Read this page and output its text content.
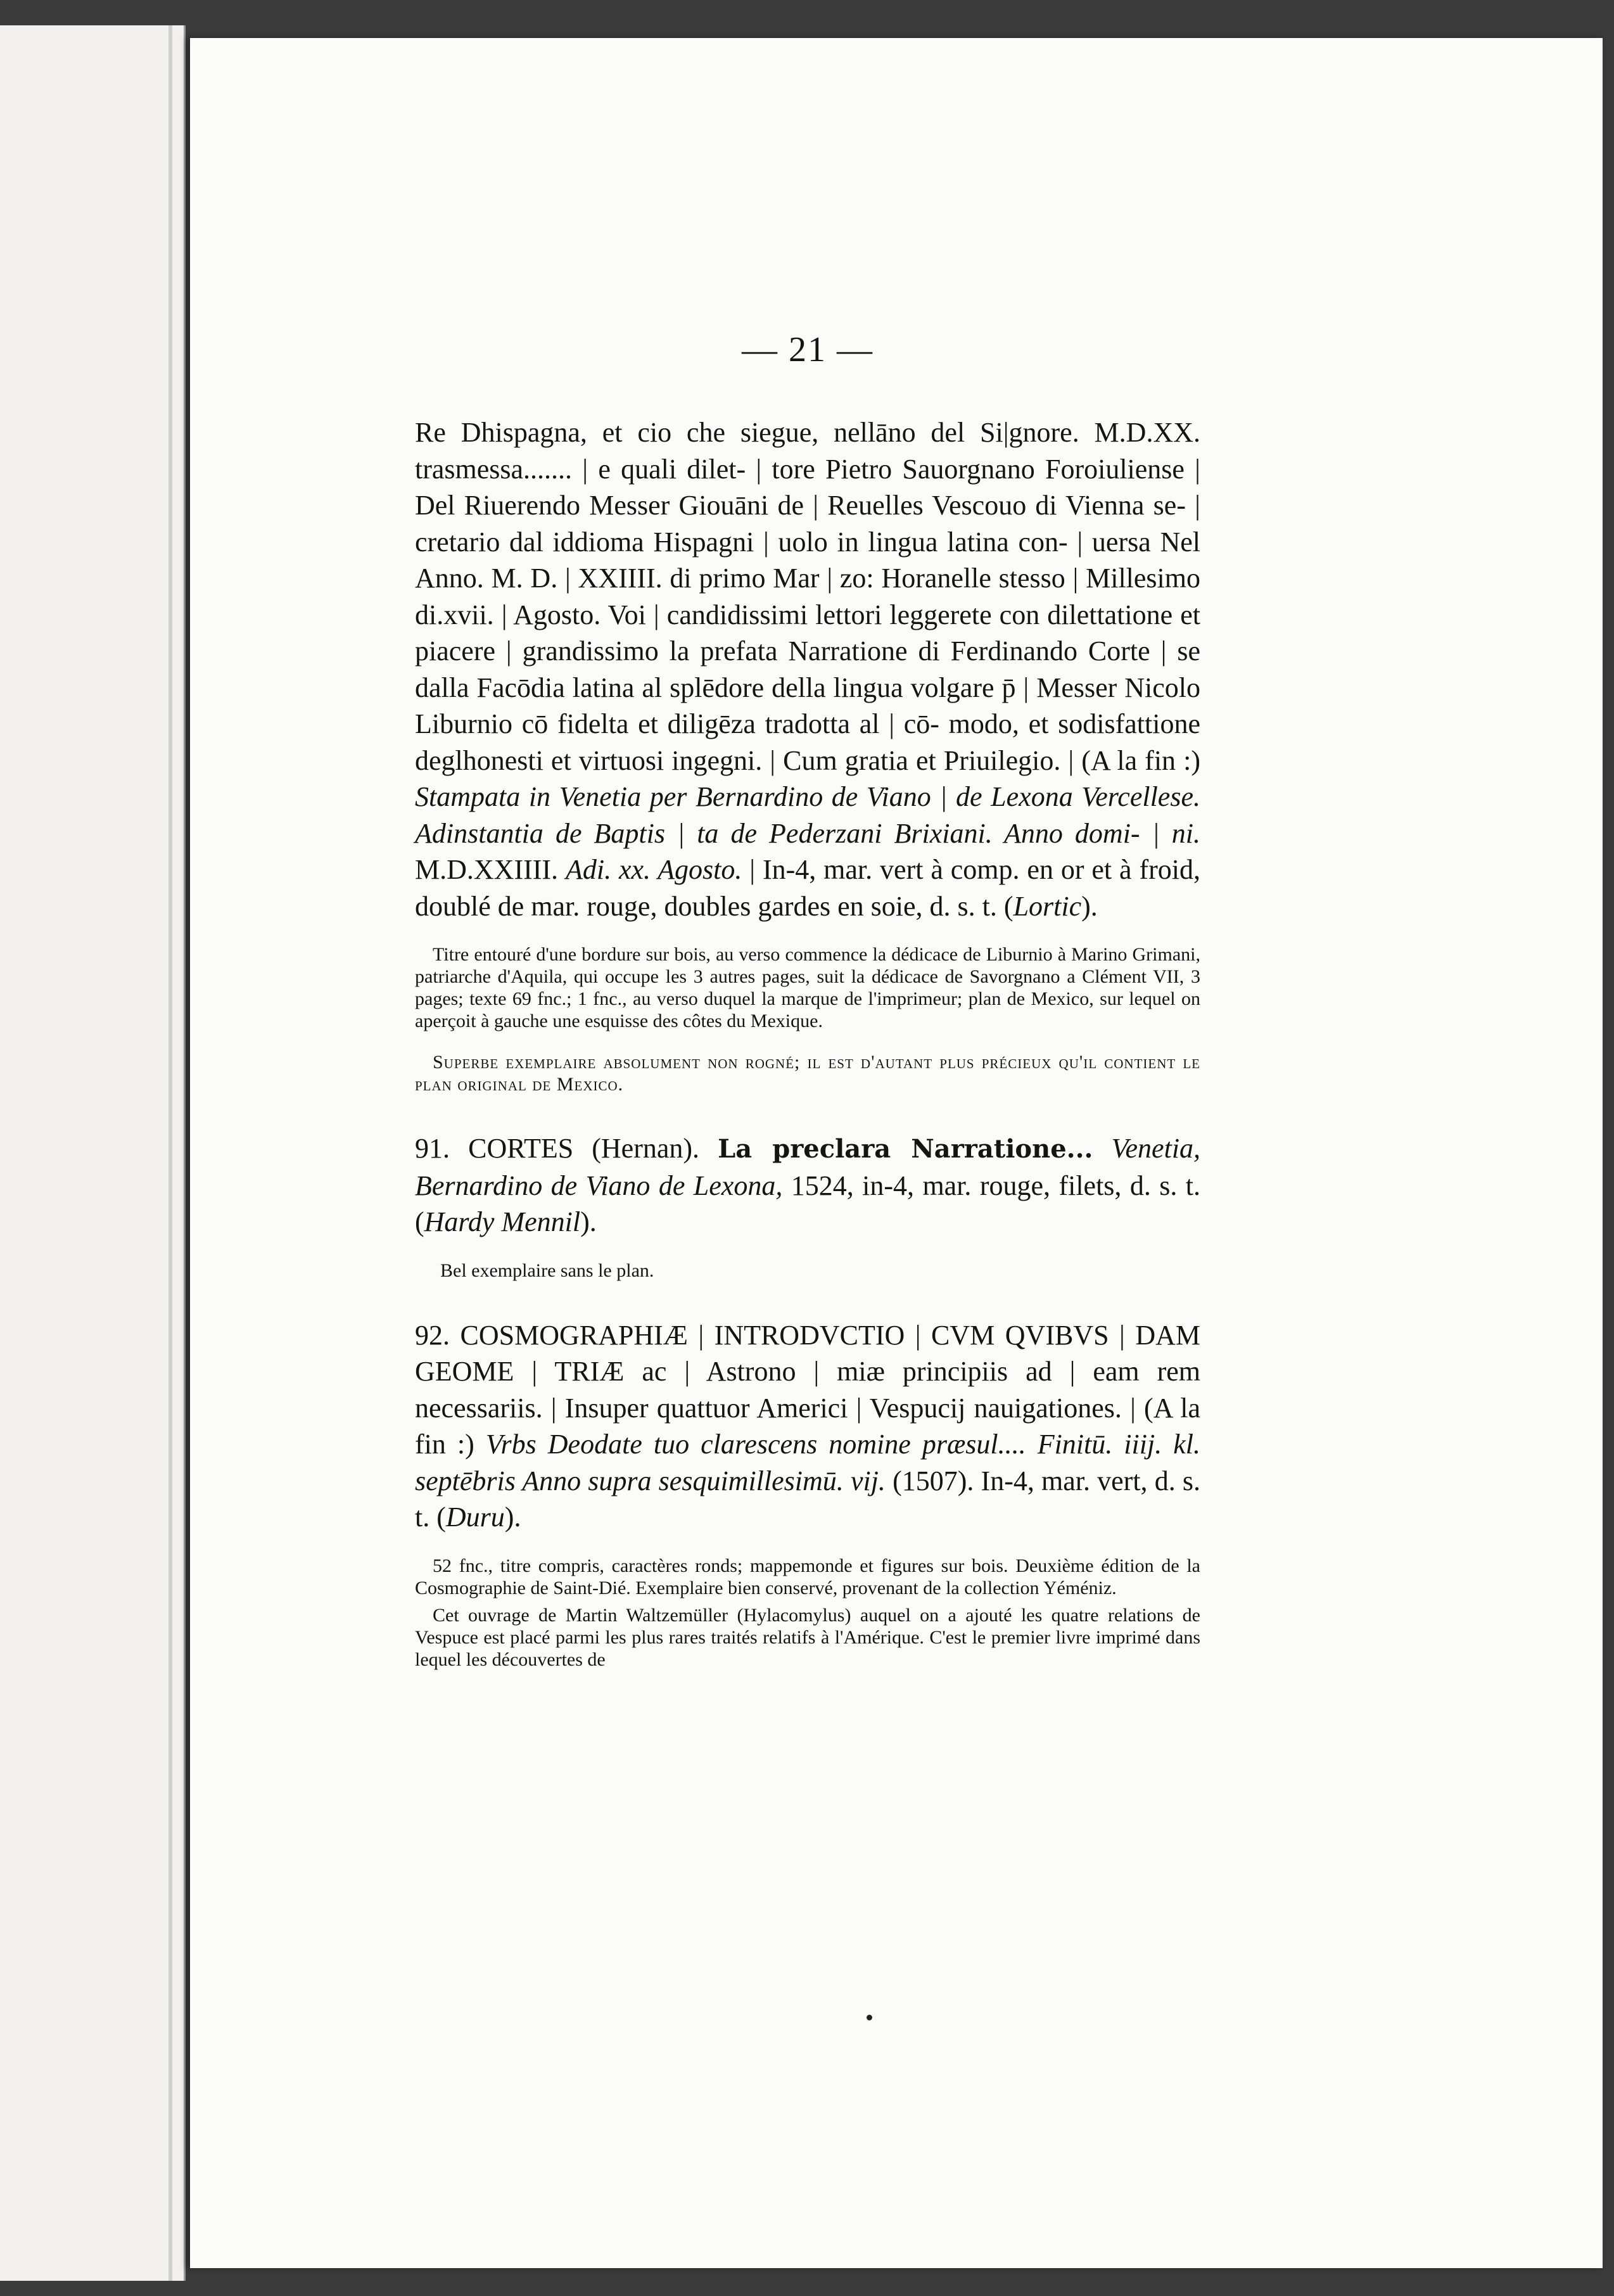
— 21 —

Re Dhispagna, et cio che siegue, nellāno del Si|gnore. M.D.XX. trasmessa....... | e quali dilet- | tore Pietro Sauorgnano Foroiuliense | Del Riuerendo Messer Giouāni de | Reuelles Vescouo di Vienna se- | cretario dal iddioma Hispagni | uolo in lingua latina con- | uersa Nel Anno. M. D. | XXIIII. di primo Mar | zo: Horanelle stesso | Millesimo di.xvii. | Agosto. Voi | candidissimi lettori leggerete con dilettatione et piacere | grandissimo la prefata Narratione di Ferdinando Corte | se dalla Facōdia latina al splēdore della lingua volgare p̄ | Messer Nicolo Liburnio cō fidelta et diligēza tradotta al | cō- modo, et sodisfattione deglhonesti et virtuosi ingegni. | Cum gratia et Priuilegio. | (A la fin :) Stampata in Venetia per Bernardino de Viano | de Lexona Vercellese. Adinstantia de Baptis | ta de Pederzani Brixiani. Anno domi- | ni. M.D.XXIIII. Adi. xx. Agosto. | In-4, mar. vert à comp. en or et à froid, doublé de mar. rouge, doubles gardes en soie, d. s. t. (Lortic).

Titre entouré d'une bordure sur bois, au verso commence la dédicace de Liburnio à Marino Grimani, patriarche d'Aquila, qui occupe les 3 autres pages, suit la dédicace de Savorgnano a Clément VII, 3 pages; texte 69 fnc.; 1 fnc., au verso duquel la marque de l'imprimeur; plan de Mexico, sur lequel on aperçoit à gauche une esquisse des côtes du Mexique.

Superbe exemplaire absolument non rogné; il est d'autant plus précieux qu'il contient le plan original de Mexico.

91. CORTES (Hernan). La preclara Narratione... Venetia, Bernardino de Viano de Lexona, 1524, in-4, mar. rouge, filets, d. s. t. (Hardy Mennil).

Bel exemplaire sans le plan.

92. COSMOGRAPHIÆ | INTRODVCTIO | CVM QVIBVS | DAM GEOME | TRIÆ ac | Astrono | miæ principiis ad | eam rem necessariis. | Insuper quattuor Americi | Vespucij nauigationes. | (A la fin :) Vrbs Deodate tuo clarescens nomine præsul.... Finitū. iiij. kl. septēbris Anno supra sesquimillesimū. vij. (1507). In-4, mar. vert, d. s. t. (Duru).

52 fnc., titre compris, caractères ronds; mappemonde et figures sur bois. Deuxième édition de la Cosmographie de Saint-Dié. Exemplaire bien conservé, provenant de la collection Yéméniz.

Cet ouvrage de Martin Waltzemüller (Hylacomylus) auquel on a ajouté les quatre relations de Vespuce est placé parmi les plus rares traités relatifs à l'Amérique. C'est le premier livre imprimé dans lequel les découvertes de
